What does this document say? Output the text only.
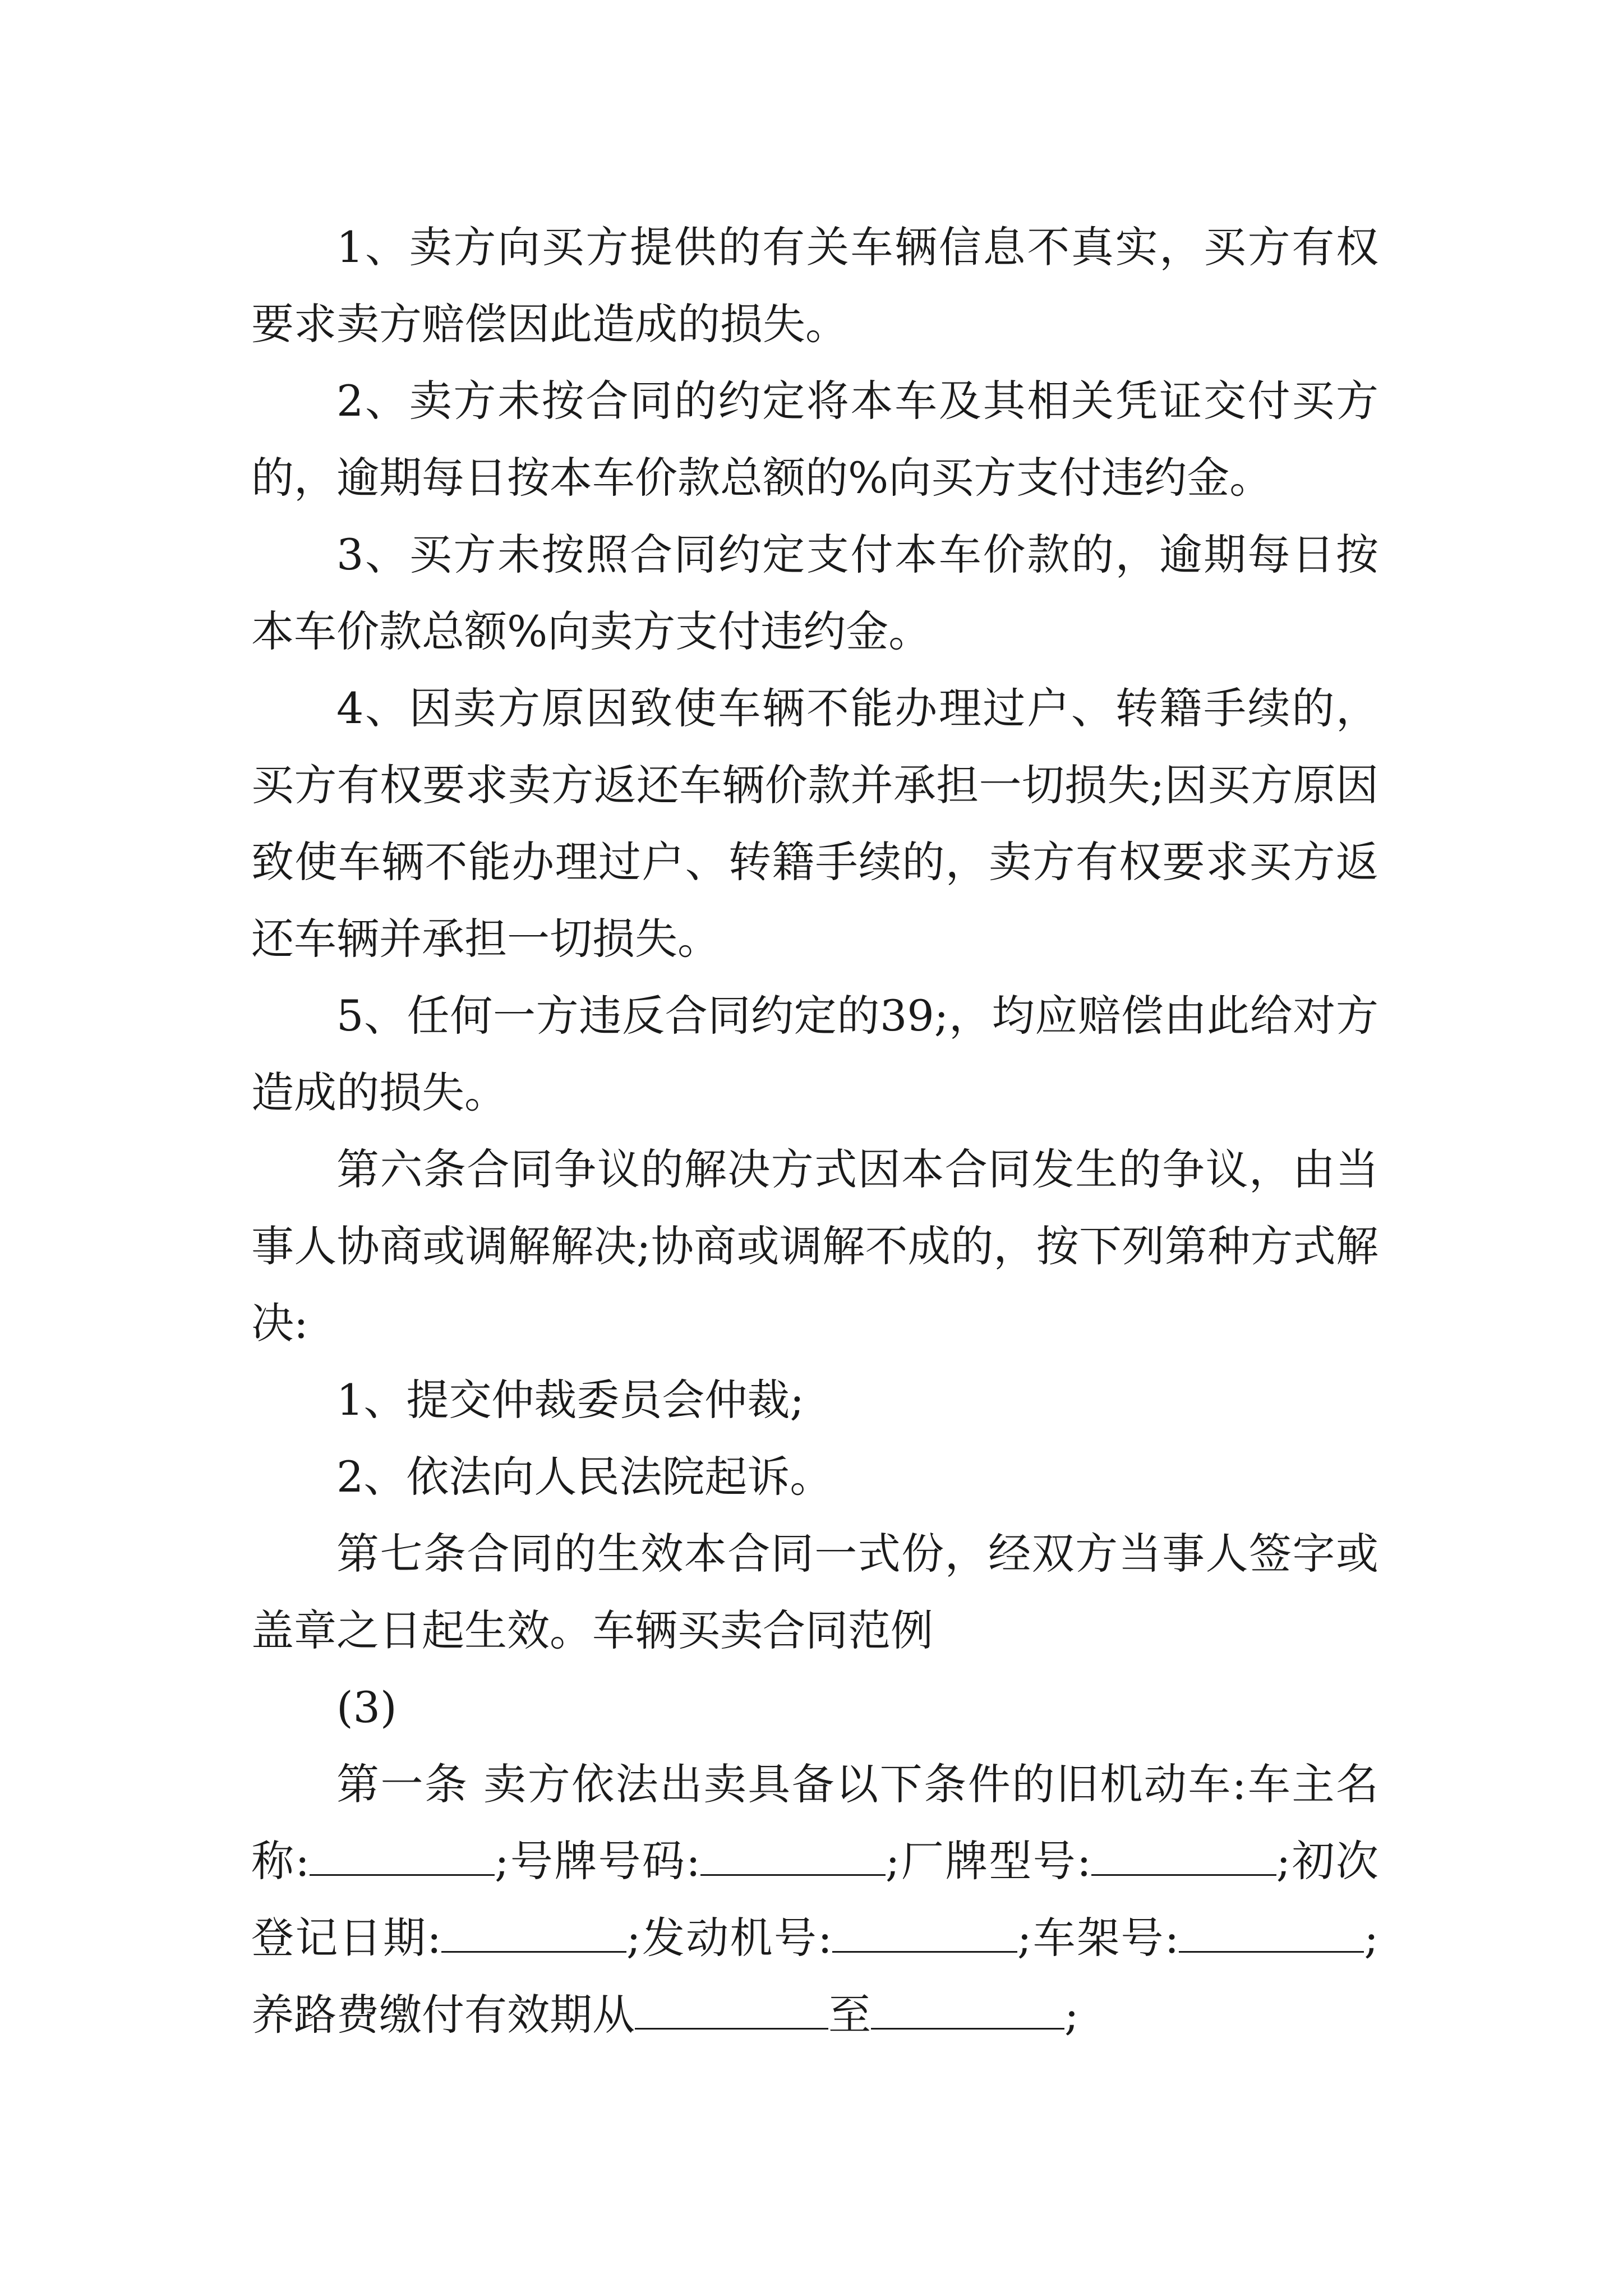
1、卖方向买方提供的有关车辆信息不真实，买方有权要求卖方赔偿因此造成的损失。

2、卖方未按合同的约定将本车及其相关凭证交付买方的，逾期每日按本车价款总额的%向买方支付违约金。

3、买方未按照合同约定支付本车价款的，逾期每日按本车价款总额%向卖方支付违约金。

4、因卖方原因致使车辆不能办理过户、转籍手续的，买方有权要求卖方返还车辆价款并承担一切损失;因买方原因致使车辆不能办理过户、转籍手续的，卖方有权要求买方返还车辆并承担一切损失。

5、任何一方违反合同约定的39;，均应赔偿由此给对方造成的损失。

第六条合同争议的解决方式因本合同发生的争议，由当事人协商或调解解决;协商或调解不成的，按下列第种方式解决:

1、提交仲裁委员会仲裁;

2、依法向人民法院起诉。

第七条合同的生效本合同一式份，经双方当事人签字或盖章之日起生效。车辆买卖合同范例

(3)

第一条 卖方依法出卖具备以下条件的旧机动车:车主名称:	;号牌号码:	;厂牌型号:	;初次登记日期:	;发动机号:	;车架号:	;养路费缴付有效期从	至	;
